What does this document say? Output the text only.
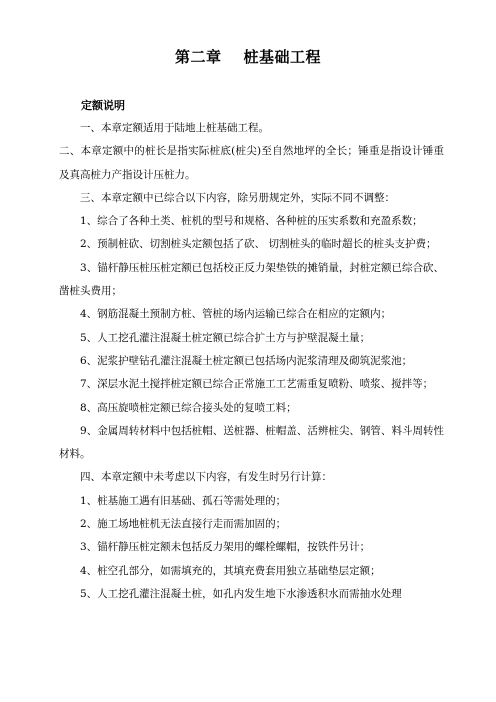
第二章 桩基础工程
定额说明

一、本章定额适用于陆地上桩基础工程。

二、本章定额中的桩长是指实际桩底(桩尖)至自然地坪的全长；锤重是指设计锤重及真高桩力产指设计压桩力。

三、本章定额中已综合以下内容，除另册规定外，实际不同不调整：

1、综合了各种土类、桩机的型号和规格、各种桩的压实系数和充盈系数；

2、预制桩砍、切割桩头定额包括了砍、 切割桩头的临时超长的桩头支护费；

3、锚杆静压桩压桩定额已包括校正反力架垫铁的摊销量，封桩定额已综合砍、凿桩头费用；

4、钢筋混凝土预制方桩、管桩的场内运输已综合在相应的定额内；

5、人工挖孔灌注混凝土桩定额已综合扩土方与护壁混凝土量；

6、泥浆护壁钻孔灌注混凝土桩定额已包括场内泥浆清理及砌筑泥浆池；

7、深层水泥土搅拌桩定额已综合正常施工工艺需重复喷粉、喷浆、搅拌等；

8、高压旋喷桩定额已综合接头处的复喷工料；

9、金属周转材料中包括桩帽、送桩器、桩帽盖、活辨桩尖、钢管、料斗周转性材料。

四、本章定额中未考虑以下内容，有发生时另行计算：

1、桩基施工遇有旧基础、孤石等需处理的；

2、施工场地桩机无法直接行走而需加固的；

3、锚杆静压桩定额未包括反力架用的螺栓螺帽，按铁件另计；

4、桩空孔部分，如需填充的，其填充费套用独立基础垫层定额；

5、人工挖孔灌注混凝土桩，如孔内发生地下水渗透积水而需抽水处理
